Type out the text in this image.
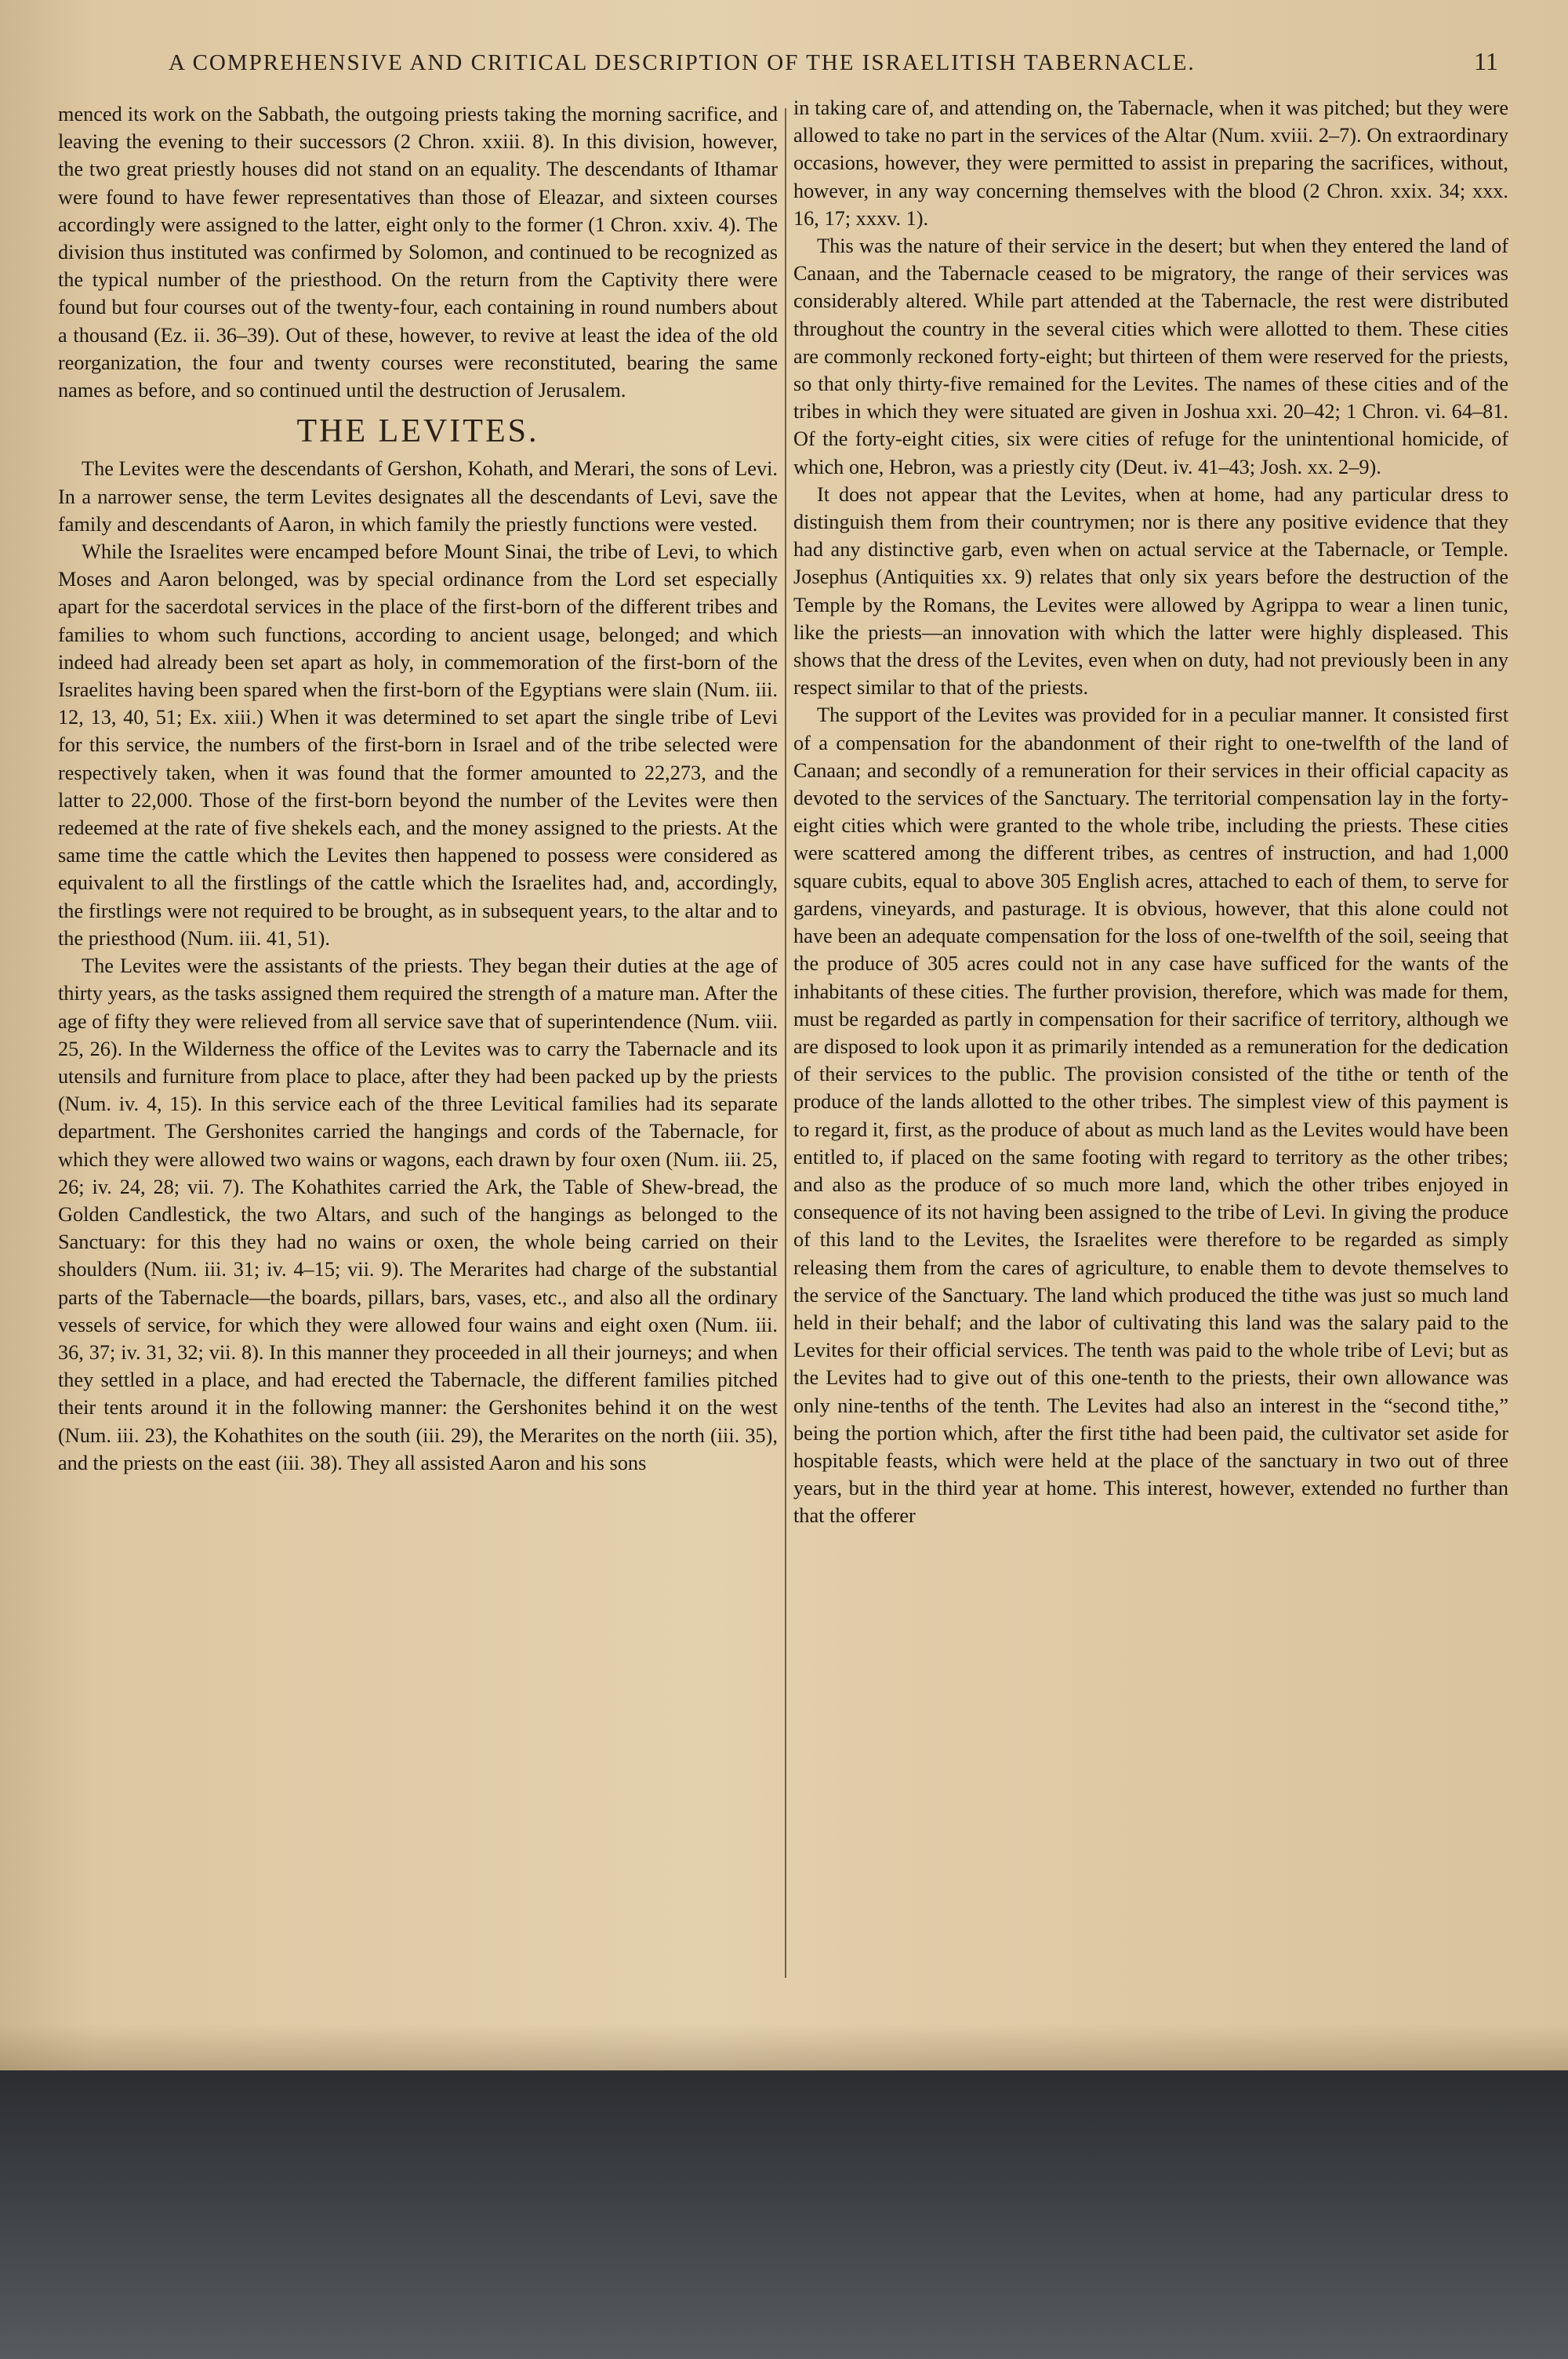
A COMPREHENSIVE AND CRITICAL DESCRIPTION OF THE ISRAELITISH TABERNACLE.	11

menced its work on the Sabbath, the outgoing priests taking the morning sacrifice, and leaving the evening to their successors (2 Chron. xxiii. 8). In this division, however, the two great priestly houses did not stand on an equality. The descendants of Ithamar were found to have fewer representatives than those of Eleazar, and sixteen courses accordingly were assigned to the latter, eight only to the former (1 Chron. xxiv. 4). The division thus instituted was confirmed by Solomon, and continued to be recognized as the typical number of the priesthood. On the return from the Captivity there were found but four courses out of the twenty-four, each containing in round numbers about a thousand (Ez. ii. 36–39). Out of these, however, to revive at least the idea of the old reorganization, the four and twenty courses were reconstituted, bearing the same names as before, and so continued until the destruction of Jerusalem.

THE LEVITES.

The Levites were the descendants of Gershon, Kohath, and Merari, the sons of Levi. In a narrower sense, the term Levites designates all the descendants of Levi, save the family and descendants of Aaron, in which family the priestly functions were vested.

While the Israelites were encamped before Mount Sinai, the tribe of Levi, to which Moses and Aaron belonged, was by special ordinance from the Lord set especially apart for the sacerdotal services in the place of the first-born of the different tribes and families to whom such functions, according to ancient usage, belonged; and which indeed had already been set apart as holy, in commemoration of the first-born of the Israelites having been spared when the first-born of the Egyptians were slain (Num. iii. 12, 13, 40, 51; Ex. xiii.) When it was determined to set apart the single tribe of Levi for this service, the numbers of the first-born in Israel and of the tribe selected were respectively taken, when it was found that the former amounted to 22,273, and the latter to 22,000. Those of the first-born beyond the number of the Levites were then redeemed at the rate of five shekels each, and the money assigned to the priests. At the same time the cattle which the Levites then happened to possess were considered as equivalent to all the firstlings of the cattle which the Israelites had, and, accordingly, the firstlings were not required to be brought, as in subsequent years, to the altar and to the priesthood (Num. iii. 41, 51).

The Levites were the assistants of the priests. They began their duties at the age of thirty years, as the tasks assigned them required the strength of a mature man. After the age of fifty they were relieved from all service save that of superintendence (Num. viii. 25, 26). In the Wilderness the office of the Levites was to carry the Tabernacle and its utensils and furniture from place to place, after they had been packed up by the priests (Num. iv. 4, 15). In this service each of the three Levitical families had its separate department. The Gershonites carried the hangings and cords of the Tabernacle, for which they were allowed two wains or wagons, each drawn by four oxen (Num. iii. 25, 26; iv. 24, 28; vii. 7). The Kohathites carried the Ark, the Table of Shew-bread, the Golden Candlestick, the two Altars, and such of the hangings as belonged to the Sanctuary: for this they had no wains or oxen, the whole being carried on their shoulders (Num. iii. 31; iv. 4–15; vii. 9). The Merarites had charge of the substantial parts of the Tabernacle—the boards, pillars, bars, vases, etc., and also all the ordinary vessels of service, for which they were allowed four wains and eight oxen (Num. iii. 36, 37; iv. 31, 32; vii. 8). In this manner they proceeded in all their journeys; and when they settled in a place, and had erected the Tabernacle, the different families pitched their tents around it in the following manner: the Gershonites behind it on the west (Num. iii. 23), the Kohathites on the south (iii. 29), the Merarites on the north (iii. 35), and the priests on the east (iii. 38). They all assisted Aaron and his sons

in taking care of, and attending on, the Tabernacle, when it was pitched; but they were allowed to take no part in the services of the Altar (Num. xviii. 2–7). On extraordinary occasions, however, they were permitted to assist in preparing the sacrifices, without, however, in any way concerning themselves with the blood (2 Chron. xxix. 34; xxx. 16, 17; xxxv. 1).

This was the nature of their service in the desert; but when they entered the land of Canaan, and the Tabernacle ceased to be migratory, the range of their services was considerably altered. While part attended at the Tabernacle, the rest were distributed throughout the country in the several cities which were allotted to them. These cities are commonly reckoned forty-eight; but thirteen of them were reserved for the priests, so that only thirty-five remained for the Levites. The names of these cities and of the tribes in which they were situated are given in Joshua xxi. 20–42; 1 Chron. vi. 64–81. Of the forty-eight cities, six were cities of refuge for the unintentional homicide, of which one, Hebron, was a priestly city (Deut. iv. 41–43; Josh. xx. 2–9).

It does not appear that the Levites, when at home, had any particular dress to distinguish them from their countrymen; nor is there any positive evidence that they had any distinctive garb, even when on actual service at the Tabernacle, or Temple. Josephus (Antiquities xx. 9) relates that only six years before the destruction of the Temple by the Romans, the Levites were allowed by Agrippa to wear a linen tunic, like the priests—an innovation with which the latter were highly displeased. This shows that the dress of the Levites, even when on duty, had not previously been in any respect similar to that of the priests.

The support of the Levites was provided for in a peculiar manner. It consisted first of a compensation for the abandonment of their right to one-twelfth of the land of Canaan; and secondly of a remuneration for their services in their official capacity as devoted to the services of the Sanctuary. The territorial compensation lay in the forty-eight cities which were granted to the whole tribe, including the priests. These cities were scattered among the different tribes, as centres of instruction, and had 1,000 square cubits, equal to above 305 English acres, attached to each of them, to serve for gardens, vineyards, and pasturage. It is obvious, however, that this alone could not have been an adequate compensation for the loss of one-twelfth of the soil, seeing that the produce of 305 acres could not in any case have sufficed for the wants of the inhabitants of these cities. The further provision, therefore, which was made for them, must be regarded as partly in compensation for their sacrifice of territory, although we are disposed to look upon it as primarily intended as a remuneration for the dedication of their services to the public. The provision consisted of the tithe or tenth of the produce of the lands allotted to the other tribes. The simplest view of this payment is to regard it, first, as the produce of about as much land as the Levites would have been entitled to, if placed on the same footing with regard to territory as the other tribes; and also as the produce of so much more land, which the other tribes enjoyed in consequence of its not having been assigned to the tribe of Levi. In giving the produce of this land to the Levites, the Israelites were therefore to be regarded as simply releasing them from the cares of agriculture, to enable them to devote themselves to the service of the Sanctuary. The land which produced the tithe was just so much land held in their behalf; and the labor of cultivating this land was the salary paid to the Levites for their official services. The tenth was paid to the whole tribe of Levi; but as the Levites had to give out of this one-tenth to the priests, their own allowance was only nine-tenths of the tenth. The Levites had also an interest in the “second tithe,” being the portion which, after the first tithe had been paid, the cultivator set aside for hospitable feasts, which were held at the place of the sanctuary in two out of three years, but in the third year at home. This interest, however, extended no further than that the offerer
